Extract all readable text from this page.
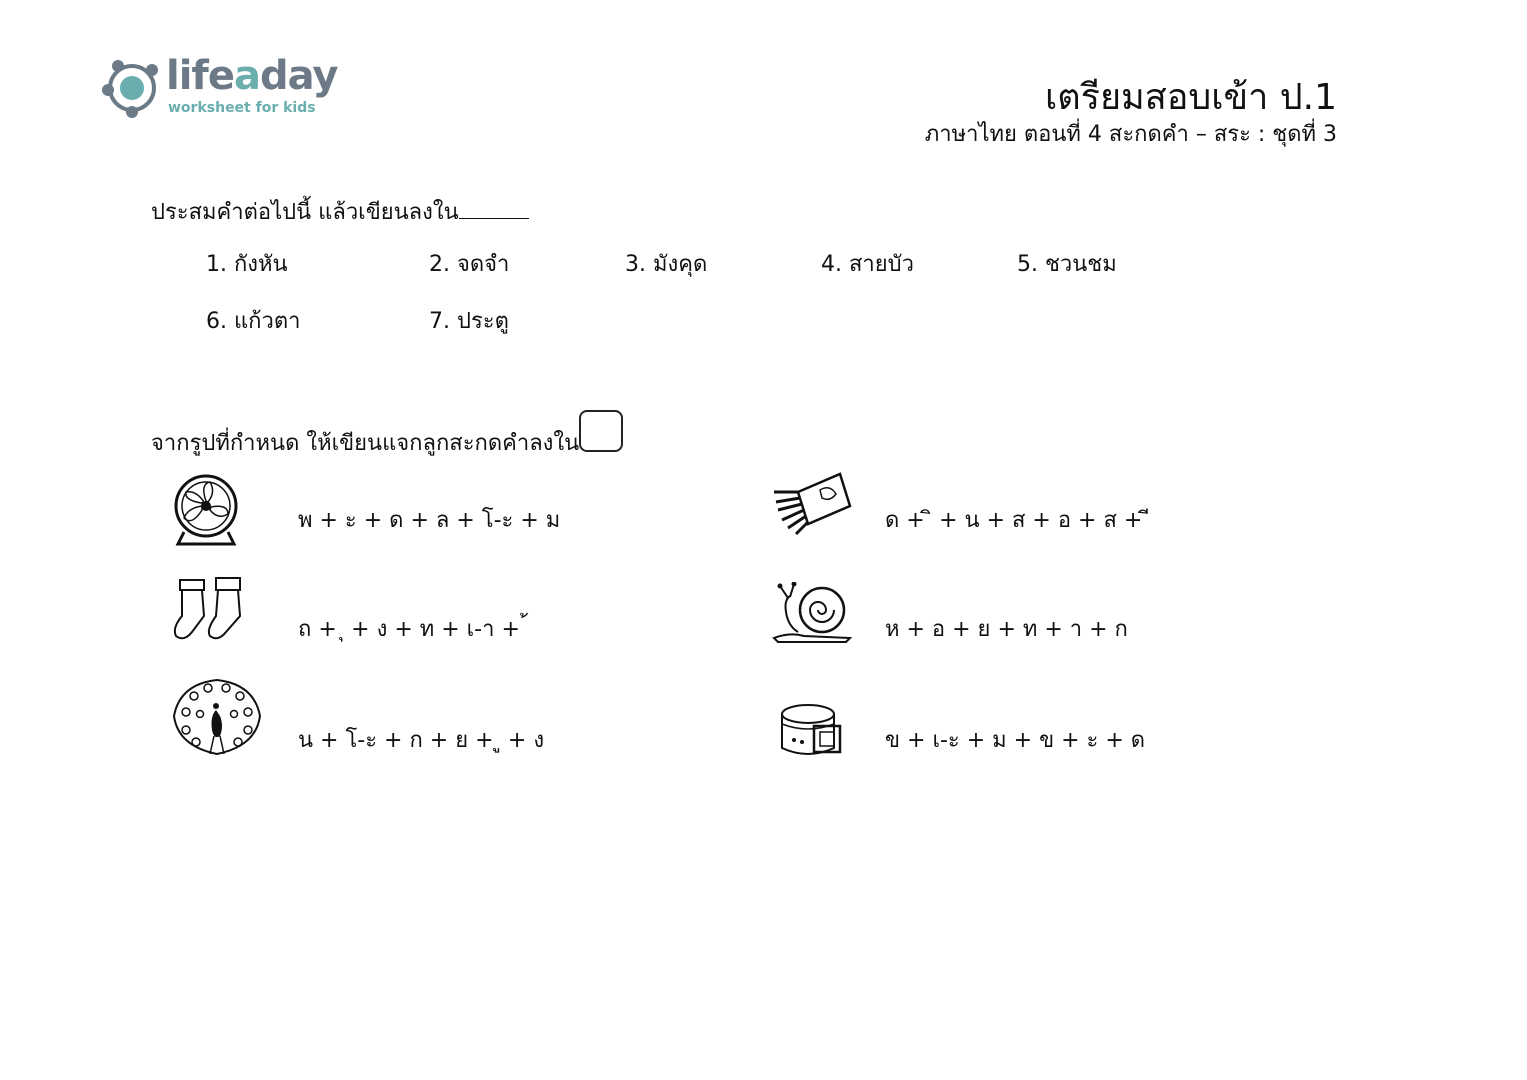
lifeaday
worksheet for kids	เตรียมสอบเข้า ป.1
ภาษาไทย ตอนที่ 4 สะกดคำ – สระ : ชุดที่ 3
ประสมคำต่อไปนี้ แล้วเขียนลงใน
1. กังหัน	2. จดจำ	3. มังคุด	4. สายบัว	5. ชวนชม
6. แก้วตา	7. ประตู
จากรูปที่กำหนด ให้เขียนแจกลูกสะกดคำลงใน
พ + ะ + ด + ล + โ-ะ + ม	ด + ิ + น + ส + อ + ส + ี
ถ + ุ + ง + ท + เ-า + ้	ห + อ + ย + ท + า + ก
น + โ-ะ + ก + ย + ู + ง	ข + เ-ะ + ม + ข + ะ + ด
